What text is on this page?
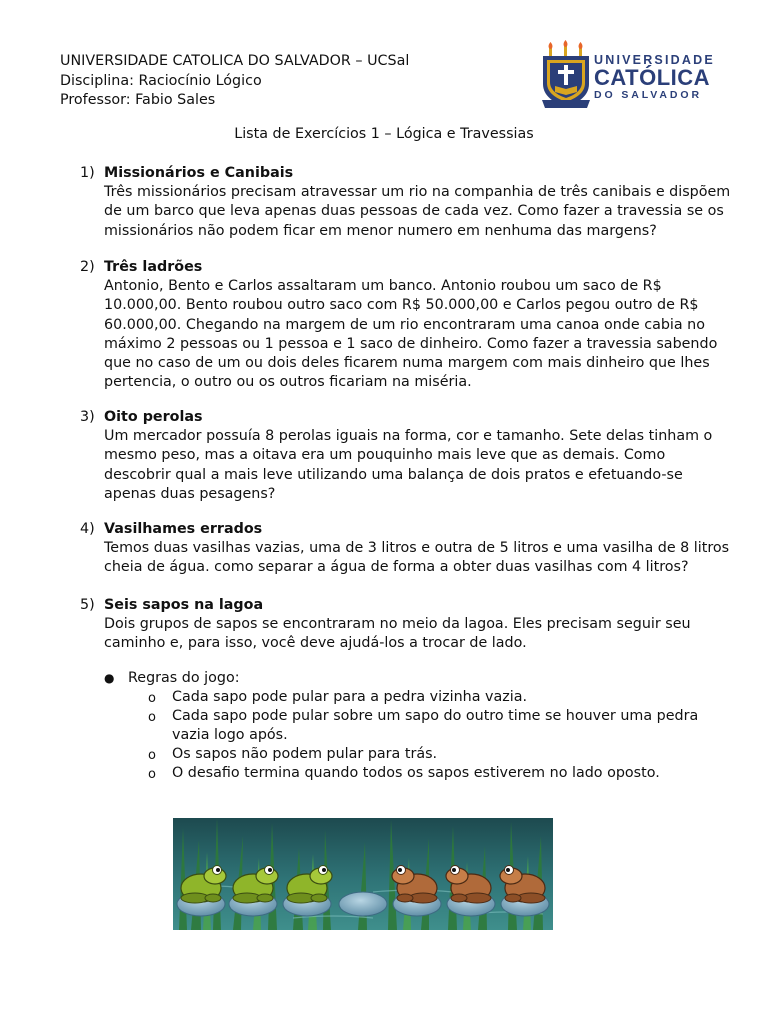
UNIVERSIDADE CATOLICA DO SALVADOR – UCSal
Disciplina: Raciocínio Lógico
Professor: Fabio Sales
UNIVERSIDADE
CATÓLICA
DO SALVADOR
Lista de Exercícios 1 – Lógica e Travessias
1) Missionários e Canibais
Três missionários precisam atravessar um rio na companhia de três canibais e dispõem
de um barco que leva apenas duas pessoas de cada vez. Como fazer a travessia se os
missionários não podem ficar em menor numero em nenhuma das margens?
2) Três ladrões
Antonio, Bento e Carlos assaltaram um banco. Antonio roubou um saco de R$
10.000,00. Bento roubou outro saco com R$ 50.000,00 e Carlos pegou outro de R$
60.000,00. Chegando na margem de um rio encontraram uma canoa onde cabia no
máximo 2 pessoas ou 1 pessoa e 1 saco de dinheiro. Como fazer a travessia sabendo
que no caso de um ou dois deles ficarem numa margem com mais dinheiro que lhes
pertencia, o outro ou os outros ficariam na miséria.
3) Oito perolas
Um mercador possuía 8 perolas iguais na forma, cor e tamanho. Sete delas tinham o
mesmo peso, mas a oitava era um pouquinho mais leve que as demais. Como
descobrir qual a mais leve utilizando uma balança de dois pratos e efetuando-se
apenas duas pesagens?
4) Vasilhames errados
Temos duas vasilhas vazias, uma de 3 litros e outra de 5 litros e uma vasilha de 8 litros
cheia de água. como separar a água de forma a obter duas vasilhas com 4 litros?
5) Seis sapos na lagoa
Dois grupos de sapos se encontraram no meio da lagoa. Eles precisam seguir seu
caminho e, para isso, você deve ajudá-los a trocar de lado.
● Regras do jogo:
o Cada sapo pode pular para a pedra vizinha vazia.
o Cada sapo pode pular sobre um sapo do outro time se houver uma pedra
vazia logo após.
o Os sapos não podem pular para trás.
o O desafio termina quando todos os sapos estiverem no lado oposto.
